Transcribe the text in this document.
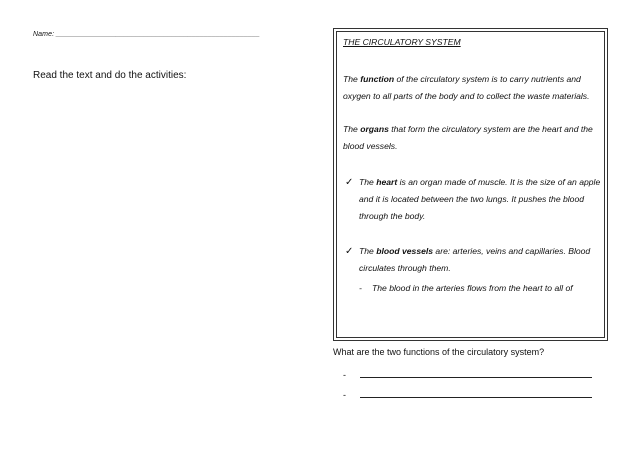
Name: ___________________________________________________
Read the text and do the activities:

THE CIRCULATORY SYSTEM

The function of the circulatory system is to carry nutrients and oxygen to all parts of the body and to collect the waste materials.

The organs that form the circulatory system are the heart and the blood vessels.

✓ The heart is an organ made of muscle. It is the size of an apple and it is located between the two lungs. It pushes the blood through the body.
✓ The blood vessels are: arteries, veins and capillaries. Blood circulates through them.
-	The blood in the arteries flows from the heart to all of
What are the two functions of the circulatory system?
-
-
